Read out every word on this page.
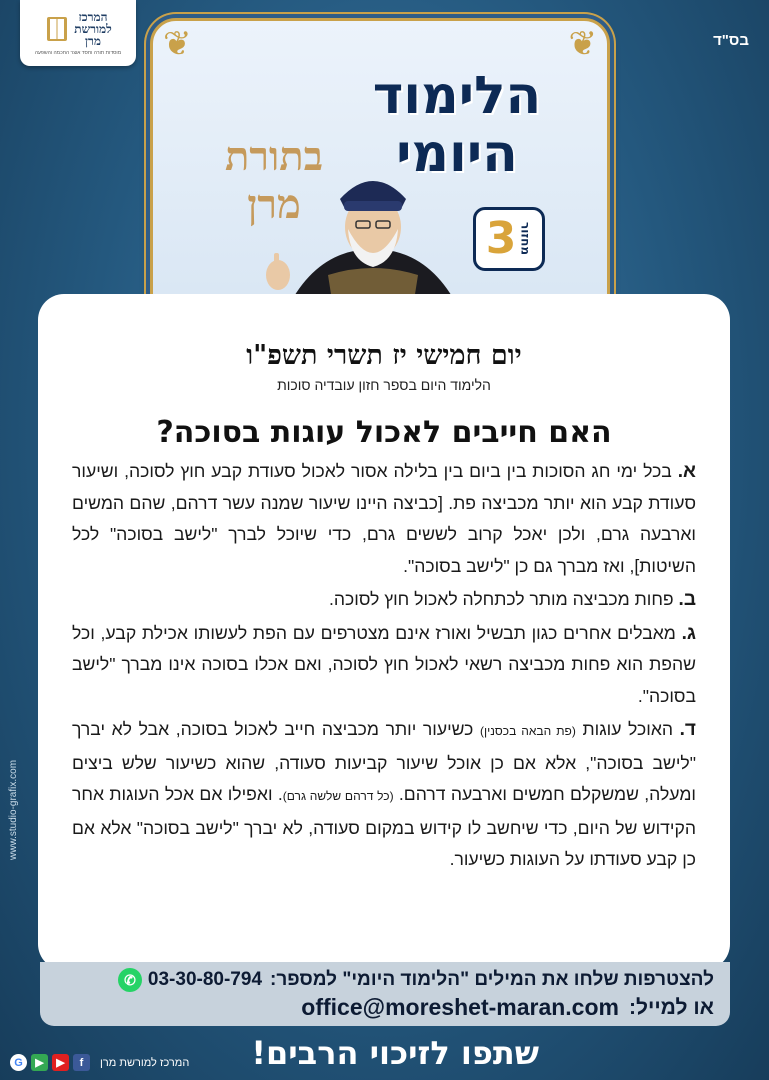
www.studio-grafix.com
בס"ד
המרכז
למורשת
מרן
מוסדות תורה וחסד אוצר החכמה והשפעה ❦	❦
הלימוד
היומי
בתורת
מרן
מחזור
3
יום חמישי יז תשרי תשפ"ו
הלימוד היום בספר חזון עובדיה סוכות
האם חייבים לאכול עוגות בסוכה?

א. בכל ימי חג הסוכות בין ביום בין בלילה אסור לאכול סעודת קבע חוץ לסוכה, ושיעור סעודת קבע הוא יותר מכביצה פת. [כביצה היינו שיעור שמנה עשר דרהם, שהם המשים וארבעה גרם, ולכן יאכל קרוב לששים גרם, כדי שיוכל לברך "לישב בסוכה" לכל השיטות], ואז מברך גם כן "לישב בסוכה".

ב. פחות מכביצה מותר לכתחלה לאכול חוץ לסוכה.

ג. מאבלים אחרים כגון תבשיל ואורז אינם מצטרפים עם הפת לעשותו אכילת קבע, וכל שהפת הוא פחות מכביצה רשאי לאכול חוץ לסוכה, ואם אכלו בסוכה אינו מברך "לישב בסוכה".

ד. האוכל עוגות (פת הבאה בכסנין) כשיעור יותר מכביצה חייב לאכול בסוכה, אבל לא יברך "לישב בסוכה", אלא אם כן אוכל שיעור קביעות סעודה, שהוא כשיעור שלש ביצים ומעלה, שמשקלם חמשים וארבעה דרהם. (כל דרהם שלשה גרם). ואפילו אם אכל העוגות אחר הקידוש של היום, כדי שיחשב לו קידוש במקום סעודה, לא יברך "לישב בסוכה" אלא אם כן קבע סעודתו על העוגות כשיעור.

להצטרפות שלחו את המילים "הלימוד היומי" למספר:
03-30-80-794
✆
או למייל:
office@moreshet-maran.com
שתפו לזיכוי הרבים!
G	▶	▶	f	המרכז למורשת מרן
